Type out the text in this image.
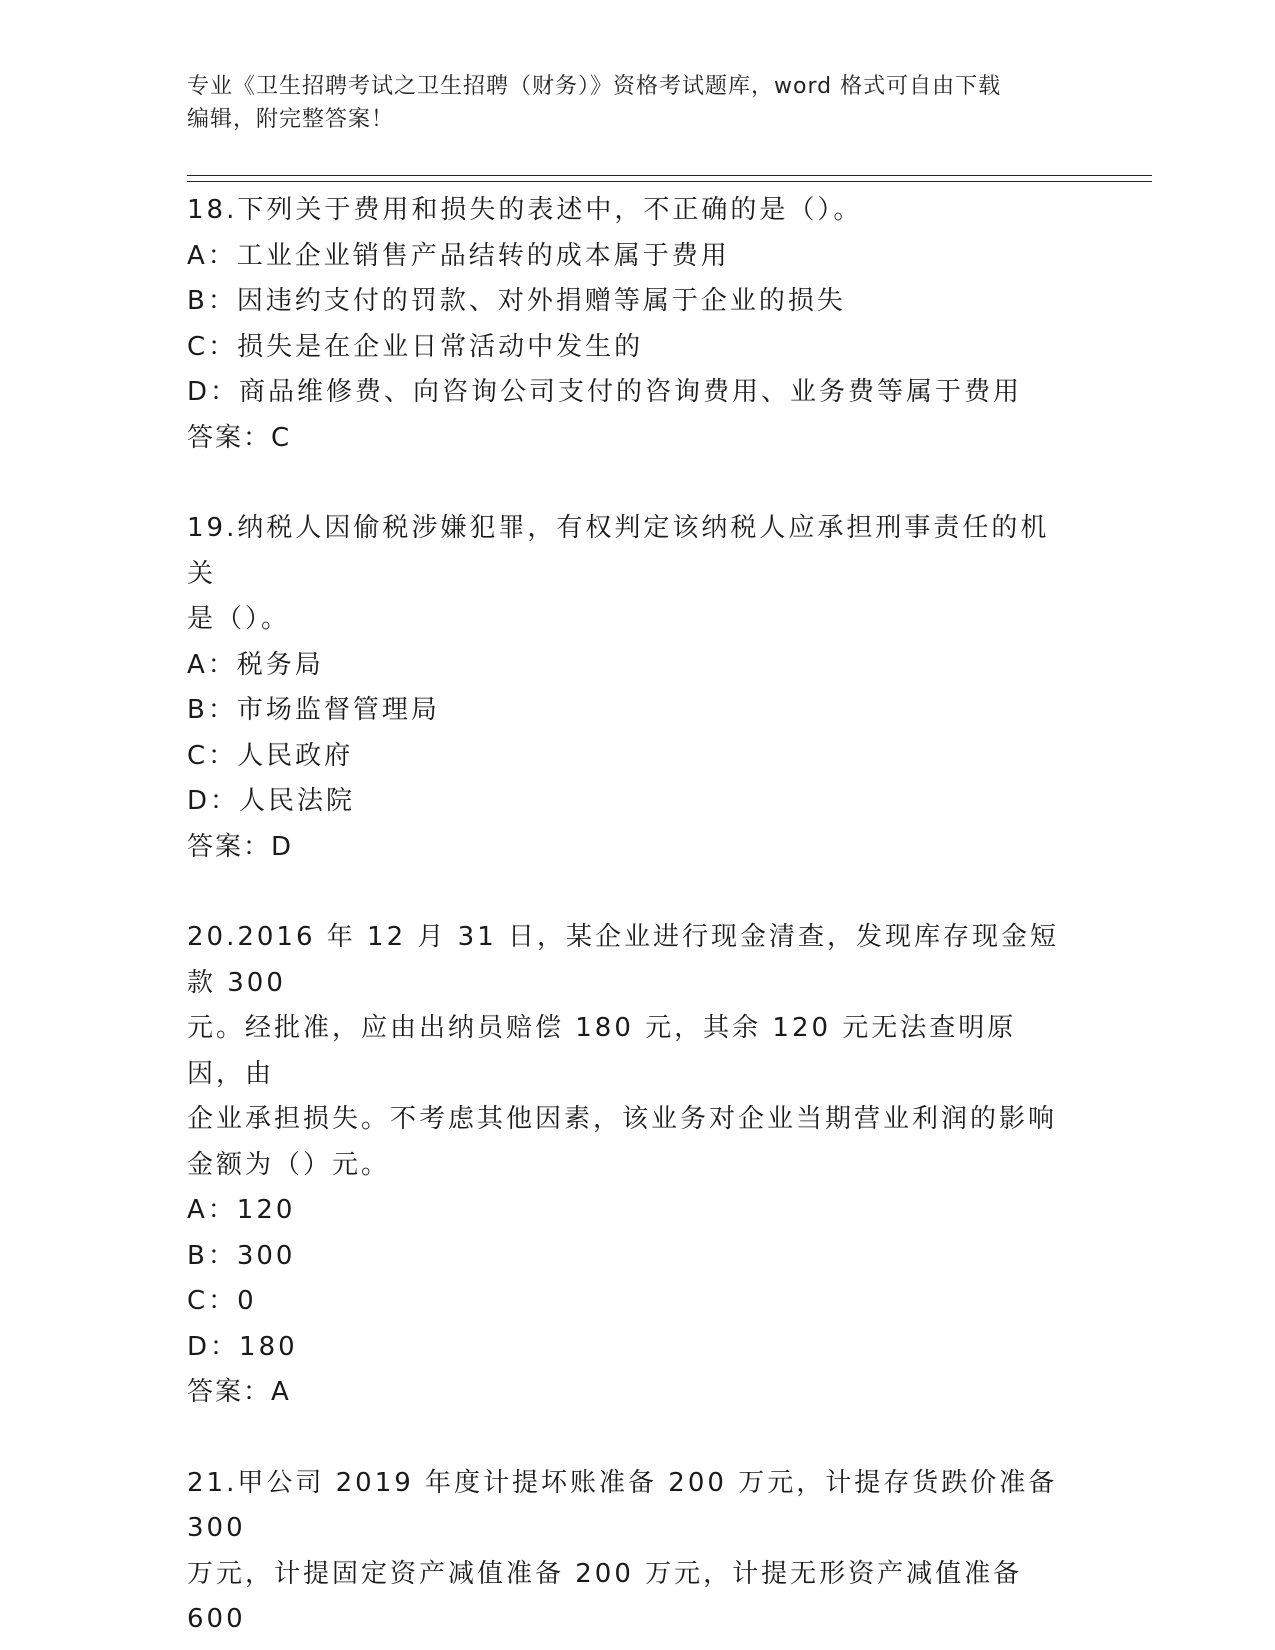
专业《卫生招聘考试之卫生招聘（财务）》资格考试题库，word 格式可自由下载
编辑，附完整答案！
18.下列关于费用和损失的表述中，不正确的是（）。
A：工业企业销售产品结转的成本属于费用
B：因违约支付的罚款、对外捐赠等属于企业的损失
C：损失是在企业日常活动中发生的
D：商品维修费、向咨询公司支付的咨询费用、业务费等属于费用
答案：C
19.纳税人因偷税涉嫌犯罪，有权判定该纳税人应承担刑事责任的机关
是（）。
A：税务局
B：市场监督管理局
C：人民政府
D：人民法院
答案：D
20.2016 年 12 月 31 日，某企业进行现金清查，发现库存现金短款 300
元。经批准，应由出纳员赔偿 180 元，其余 120 元无法查明原因，由
企业承担损失。不考虑其他因素，该业务对企业当期营业利润的影响
金额为（）元。
A：120
B：300
C：0
D：180
答案：A
21.甲公司 2019 年度计提坏账准备 200 万元，计提存货跌价准备 300
万元，计提固定资产减值准备 200 万元，计提无形资产减值准备 600
